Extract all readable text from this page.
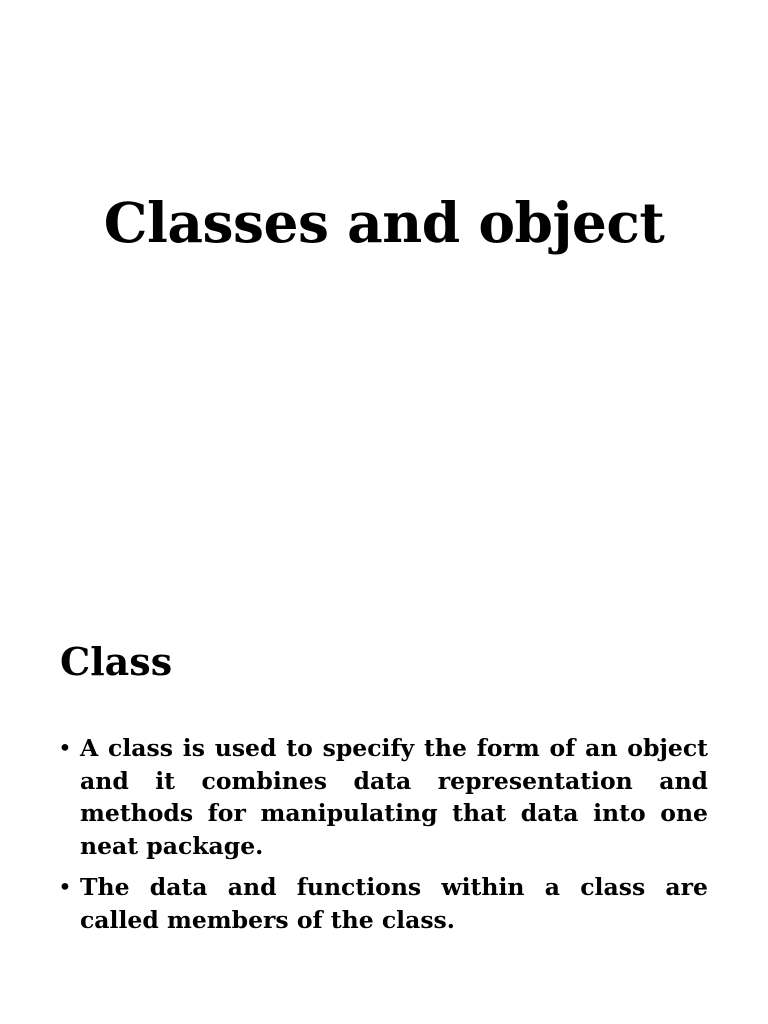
Classes and object
Class
• A class is used to specify the form of an object and it combines data representation and methods for manipulating that data into one neat package.
• The data and functions within a class are called members of the class.
